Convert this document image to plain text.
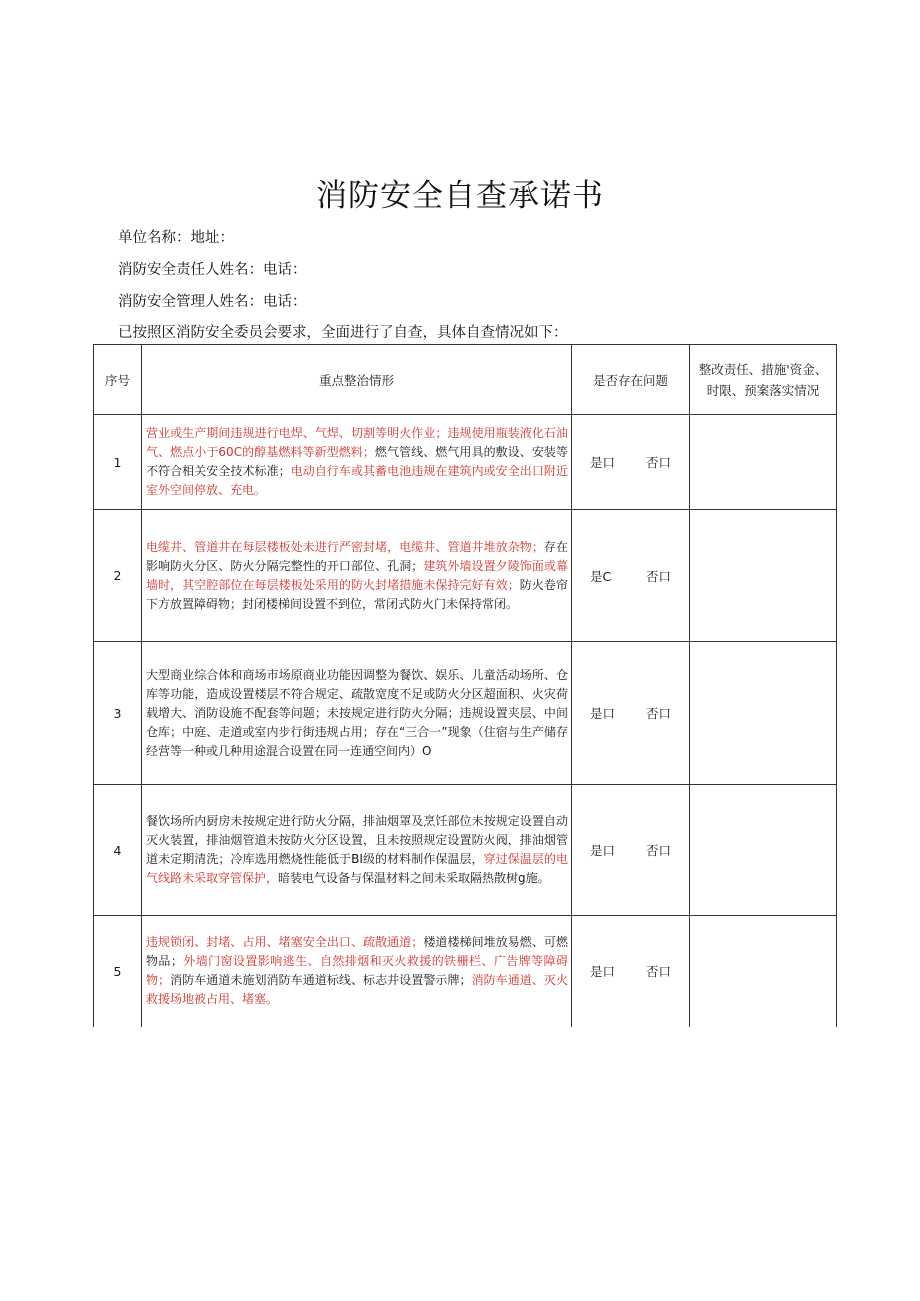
消防安全自查承诺书
单位名称：地址：
消防安全责任人姓名：电话：
消防安全管理人姓名：电话：
已按照区消防安全委员会要求，全面进行了自查，具体自查情况如下：
序号	重点整治情形	是否存在问题	整改责任、措施'资金、时限、预案落实情况
1	营业或生产期间违规进行电焊、气焊、切割等明火作业；违规使用瓶装液化石油气、燃点小于60C的醇基燃料等新型燃料；燃气管线、燃气用具的敷设、安装等不符合相关安全技术标准；电动自行车或其蓄电池违规在建筑内或安全出口附近室外空间停放、充电。	是口 否口	

2	电缆井、管道井在每层楼板处未进行严密封堵，电缆井、管道井堆放杂物；存在影响防火分区、防火分隔完整性的开口部位、孔洞；建筑外墙设置夕陵饰面或幕墙时，其空腔部位在每层楼板处采用的防火封堵措施未保持完好有效；防火卷帘下方放置障碍物；封闭楼梯间设置不到位，常闭式防火门未保持常闭。	是C 否口	

3	大型商业综合体和商场市场原商业功能因调整为餐饮、娱乐、儿童活动场所、仓库等功能，造成设置楼层不符合规定、疏散宽度不足或防火分区超面积、火灾荷载增大、消防设施不配套等问题；未按规定进行防火分隔；违规设置夹层、中间仓库；中庭、走道或室内步行街违规占用；存在“三合一”现象（住宿与生产储存经营等一种或几种用途混合设置在同一连通空间内）O	是口 否口	

4	餐饮场所内厨房未按规定进行防火分隔，排油烟罩及烹饪部位未按规定设置自动灭火装置，排油烟管道未按防火分区设置，且未按照规定设置防火阀，排油烟管道未定期清洗；冷库选用燃烧性能低于BI级的材料制作保温层，穿过保温层的电气线路未采取穿管保护，暗装电气设备与保温材料之间未采取隔热散树g施。	是口 否口	

5	违规锁闭、封堵、占用、堵塞安全出口、疏散通道；楼道楼梯间堆放易燃、可燃物品；外墙门窗设置影响逃生、自然排烟和灭火救援的铁栅栏、广告牌等障碍物；消防车通道未施划消防车通道标线、标志并设置警示牌；消防车通道、灭火救援场地被占用、堵塞。	是口 否口	
